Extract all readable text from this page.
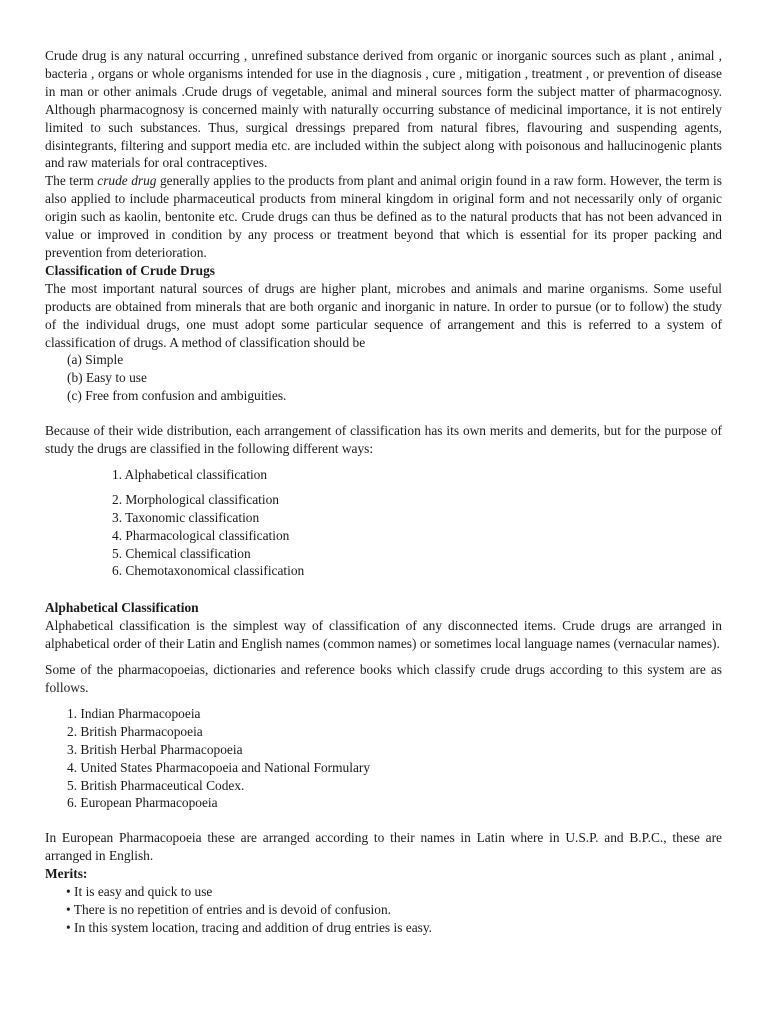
Crude drug is any natural occurring , unrefined substance derived from organic or inorganic sources such as plant , animal , bacteria , organs or whole organisms intended for use in the diagnosis , cure , mitigation , treatment , or prevention of disease in man or other animals .Crude drugs of vegetable, animal and mineral sources form the subject matter of pharmacognosy. Although pharmacognosy is concerned mainly with naturally occurring substance of medicinal importance, it is not entirely limited to such substances. Thus, surgical dressings prepared from natural fibres, flavouring and suspending agents, disintegrants, filtering and support media etc. are included within the subject along with poisonous and hallucinogenic plants and raw materials for oral contraceptives.

The term crude drug generally applies to the products from plant and animal origin found in a raw form. However, the term is also applied to include pharmaceutical products from mineral kingdom in original form and not necessarily only of organic origin such as kaolin, bentonite etc. Crude drugs can thus be defined as to the natural products that has not been advanced in value or improved in condition by any process or treatment beyond that which is essential for its proper packing and prevention from deterioration.

Classification of Crude Drugs

The most important natural sources of drugs are higher plant, microbes and animals and marine organisms. Some useful products are obtained from minerals that are both organic and inorganic in nature. In order to pursue (or to follow) the study of the individual drugs, one must adopt some particular sequence of arrangement and this is referred to a system of classification of drugs. A method of classification should be

(a) Simple
(b) Easy to use
(c) Free from confusion and ambiguities.

Because of their wide distribution, each arrangement of classification has its own merits and demerits, but for the purpose of study the drugs are classified in the following different ways:

1. Alphabetical classification
2. Morphological classification
3. Taxonomic classification
4. Pharmacological classification
5. Chemical classification
6. Chemotaxonomical classification
Alphabetical Classification

Alphabetical classification is the simplest way of classification of any disconnected items. Crude drugs are arranged in alphabetical order of their Latin and English names (common names) or sometimes local language names (vernacular names).

Some of the pharmacopoeias, dictionaries and reference books which classify crude drugs according to this system are as follows.

1. Indian Pharmacopoeia
2. British Pharmacopoeia
3. British Herbal Pharmacopoeia
4. United States Pharmacopoeia and National Formulary
5. British Pharmaceutical Codex.
6. European Pharmacopoeia

In European Pharmacopoeia these are arranged according to their names in Latin where in U.S.P. and B.P.C., these are arranged in English.

Merits:
• It is easy and quick to use
• There is no repetition of entries and is devoid of confusion.
• In this system location, tracing and addition of drug entries is easy.
